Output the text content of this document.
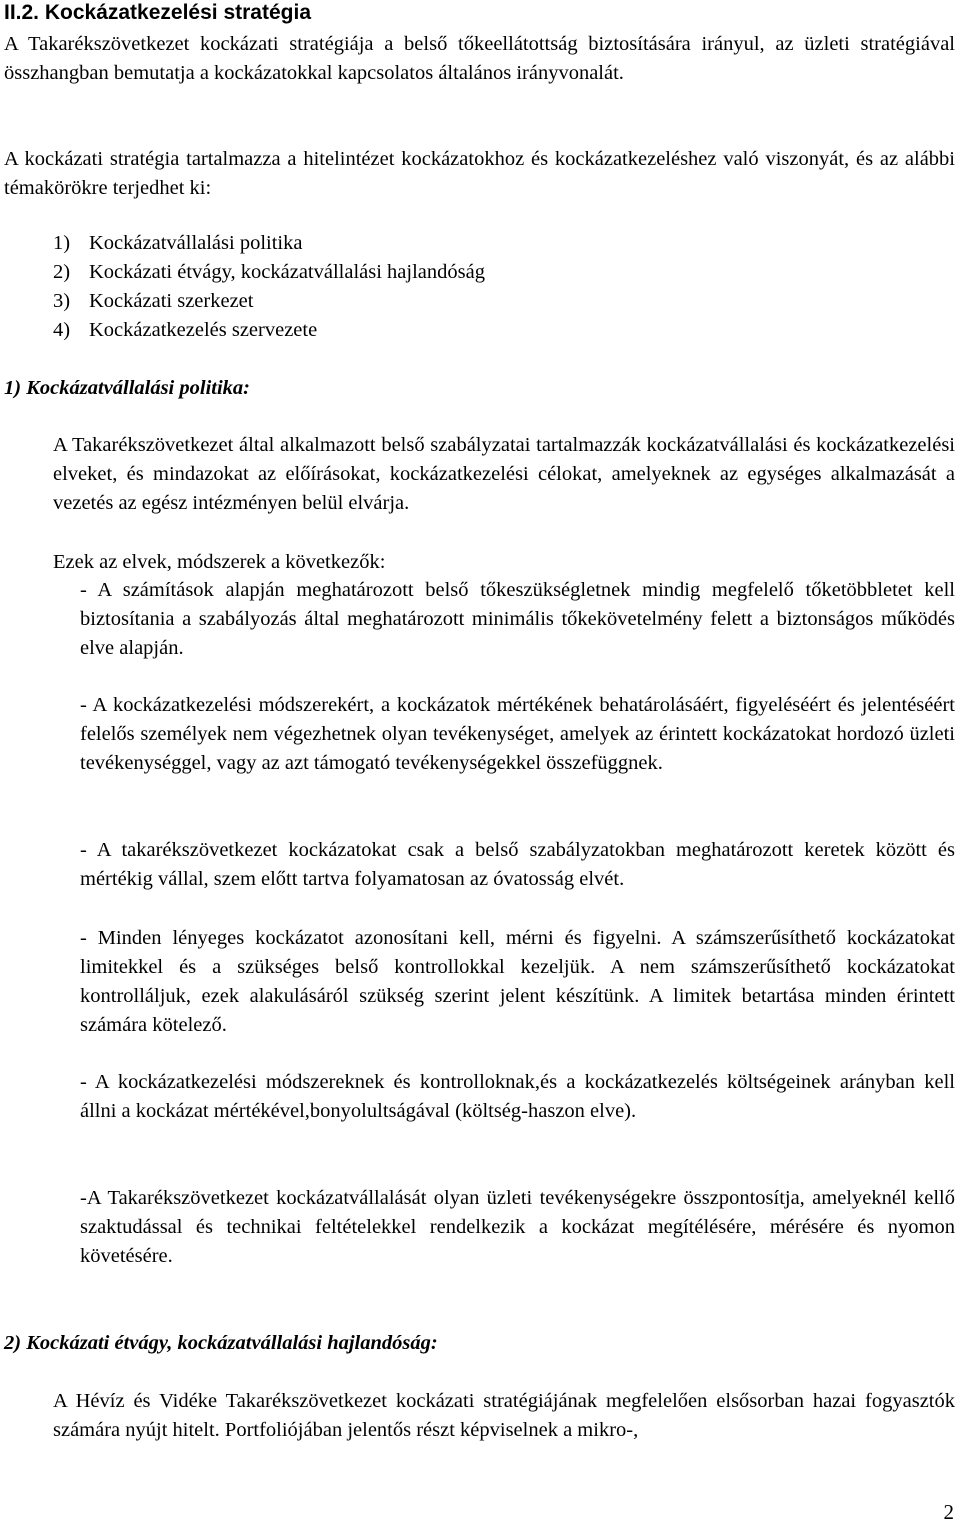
II.2. Kockázatkezelési stratégia

A Takarékszövetkezet kockázati stratégiája a belső tőkeellátottság biztosítására irányul, az üzleti stratégiával összhangban bemutatja a kockázatokkal kapcsolatos általános irányvonalát.

A kockázati stratégia tartalmazza a hitelintézet kockázatokhoz és kockázatkezeléshez való viszonyát, és az alábbi témakörökre terjedhet ki:

1) Kockázatvállalási politika
2) Kockázati étvágy, kockázatvállalási hajlandóság
3) Kockázati szerkezet
4) Kockázatkezelés szervezete
1) Kockázatvállalási politika:

A Takarékszövetkezet által alkalmazott belső szabályzatai tartalmazzák kockázatvállalási és kockázatkezelési elveket, és mindazokat az előírásokat, kockázatkezelési célokat, amelyeknek az egységes alkalmazását a vezetés az egész intézményen belül elvárja.

Ezek az elvek, módszerek a következők:

- A számítások alapján meghatározott belső tőkeszükségletnek mindig megfelelő tőketöbbletet kell biztosítania a szabályozás által meghatározott minimális tőkekövetelmény felett a biztonságos működés elve alapján.

- A kockázatkezelési módszerekért, a kockázatok mértékének behatárolásáért, figyeléséért és jelentéséért felelős személyek nem végezhetnek olyan tevékenységet, amelyek az érintett kockázatokat hordozó üzleti tevékenységgel, vagy az azt támogató tevékenységekkel összefüggnek.

- A takarékszövetkezet kockázatokat csak a belső szabályzatokban meghatározott keretek között és mértékig vállal, szem előtt tartva folyamatosan az óvatosság elvét.

- Minden lényeges kockázatot azonosítani kell, mérni és figyelni. A számszerűsíthető kockázatokat limitekkel és a szükséges belső kontrollokkal kezeljük. A nem számszerűsíthető kockázatokat kontrolláljuk, ezek alakulásáról szükség szerint jelent készítünk. A limitek betartása minden érintett számára kötelező.

- A kockázatkezelési módszereknek és kontrolloknak,és a kockázatkezelés költségeinek arányban kell állni a kockázat mértékével,bonyolultságával (költség-haszon elve).

-A Takarékszövetkezet kockázatvállalását olyan üzleti tevékenységekre összpontosítja, amelyeknél kellő szaktudással és technikai feltételekkel rendelkezik a kockázat megítélésére, mérésére és nyomon követésére.

2) Kockázati étvágy, kockázatvállalási hajlandóság:

A Hévíz és Vidéke Takarékszövetkezet kockázati stratégiájának megfelelően elsősorban hazai fogyasztók számára nyújt hitelt. Portfoliójában jelentős részt képviselnek a mikro-,

2
